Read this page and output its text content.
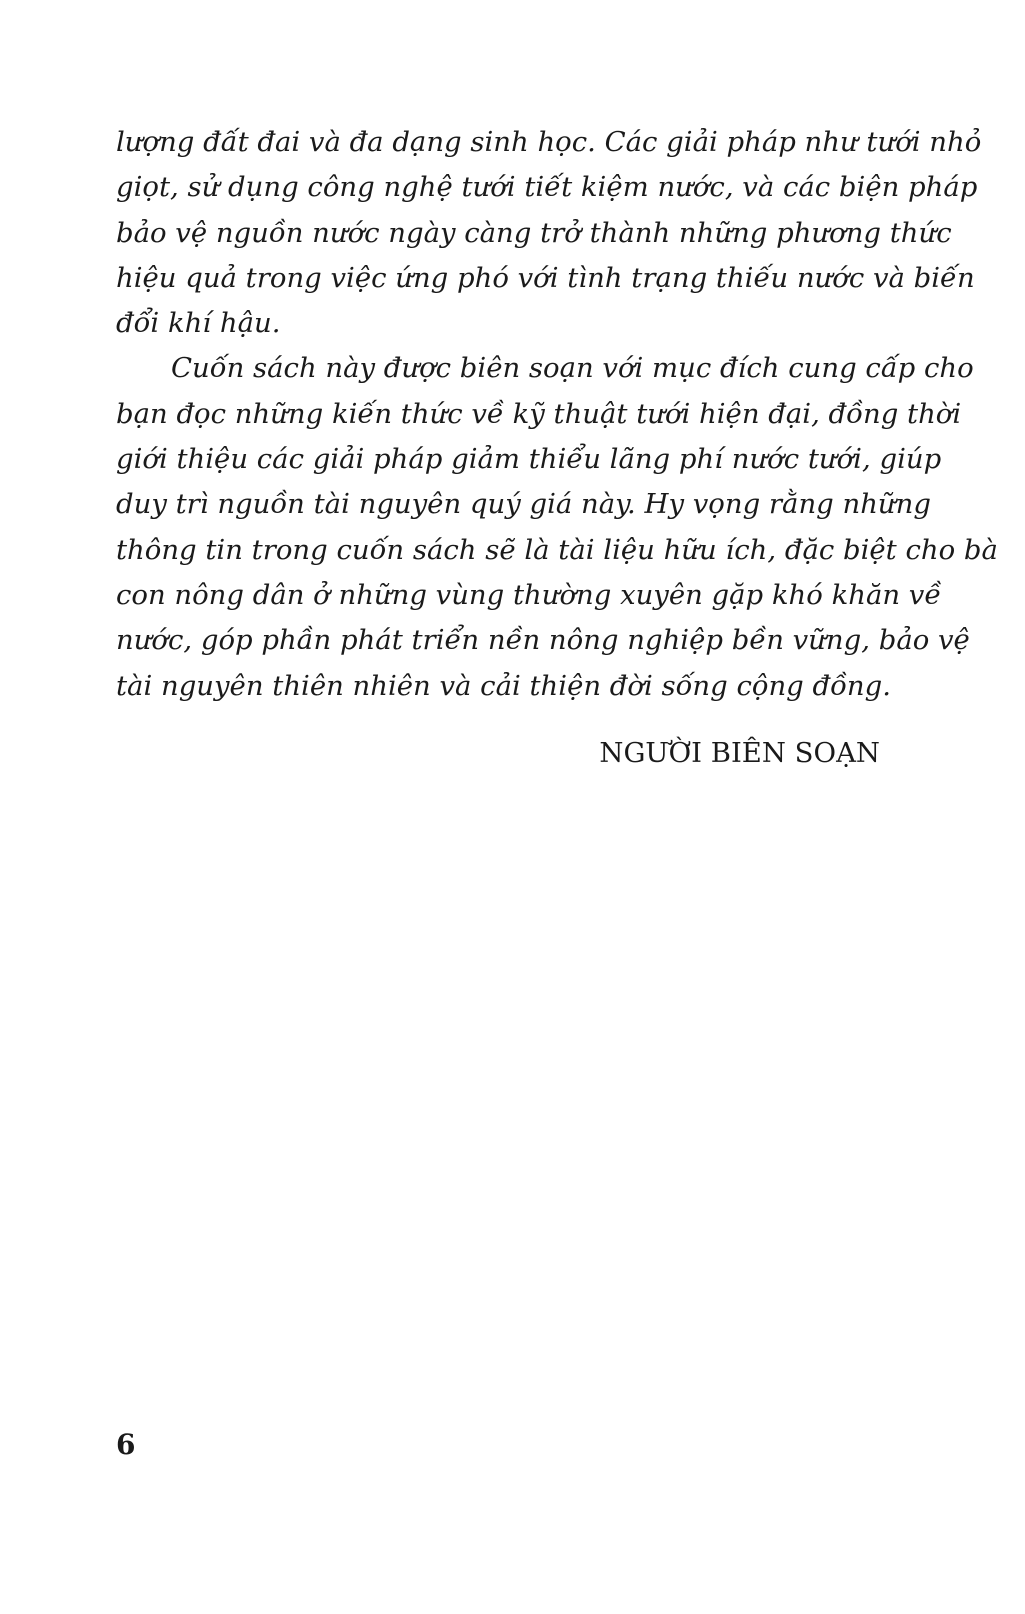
lượng đất đai và đa dạng sinh học. Các giải pháp như tưới nhỏ
giọt, sử dụng công nghệ tưới tiết kiệm nước, và các biện pháp
bảo vệ nguồn nước ngày càng trở thành những phương thức
hiệu quả trong việc ứng phó với tình trạng thiếu nước và biến
đổi khí hậu.
Cuốn sách này được biên soạn với mục đích cung cấp cho
bạn đọc những kiến thức về kỹ thuật tưới hiện đại, đồng thời
giới thiệu các giải pháp giảm thiểu lãng phí nước tưới, giúp
duy trì nguồn tài nguyên quý giá này. Hy vọng rằng những
thông tin trong cuốn sách sẽ là tài liệu hữu ích, đặc biệt cho bà
con nông dân ở những vùng thường xuyên gặp khó khăn về
nước, góp phần phát triển nền nông nghiệp bền vững, bảo vệ
tài nguyên thiên nhiên và cải thiện đời sống cộng đồng.
NGƯỜI BIÊN SOẠN
6
